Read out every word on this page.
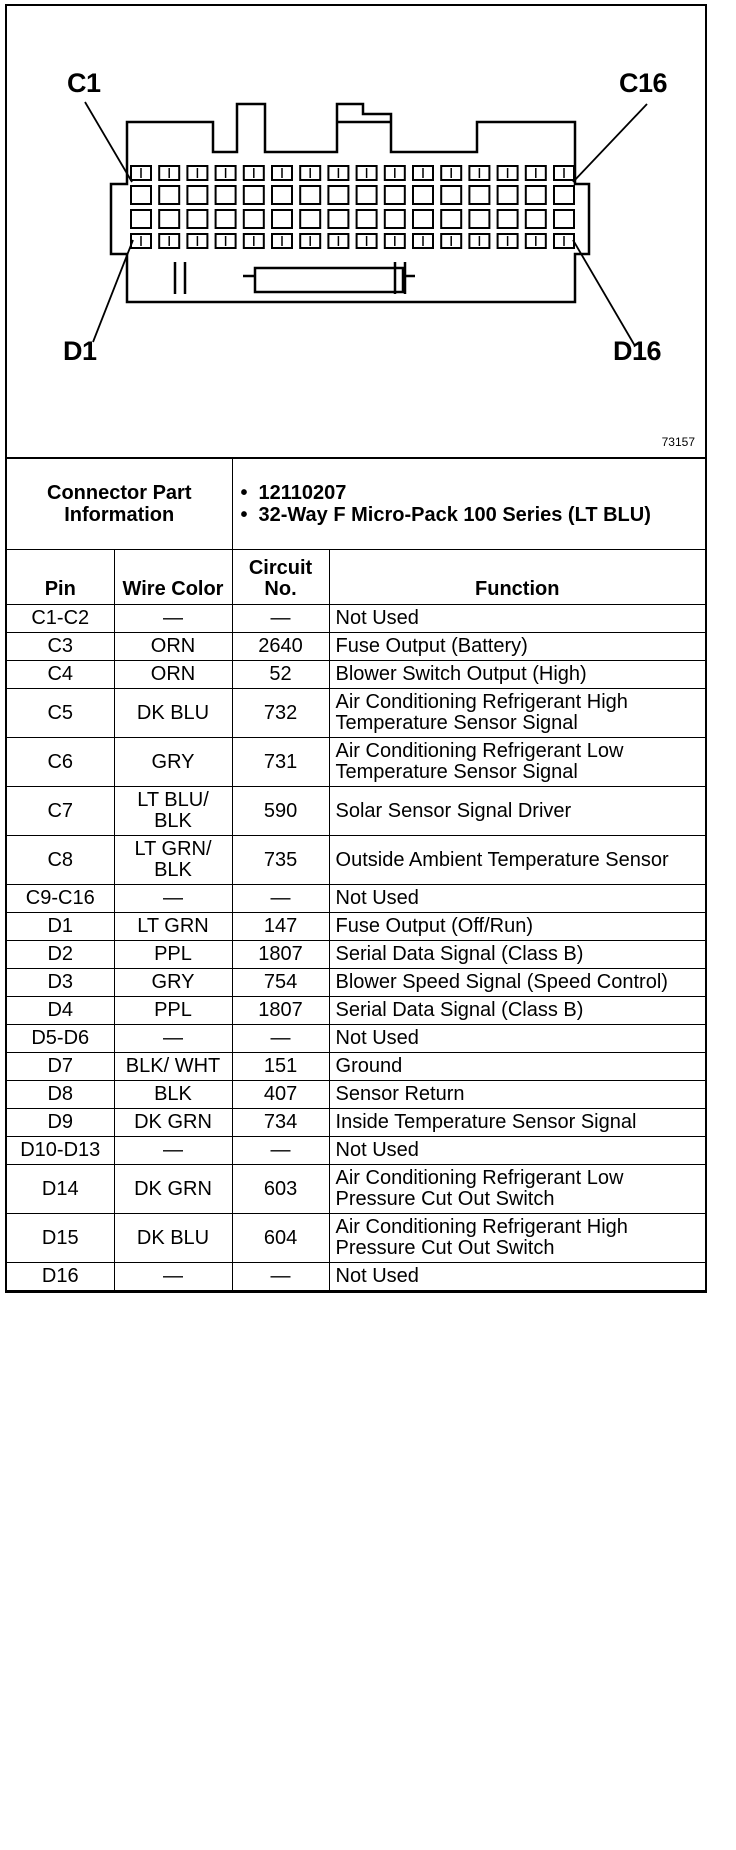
C1	C16
D1	D16
73157
Connector Part Information		• 12110207
• 32-Way F Micro-Pack 100 Series (LT BLU)

Pin	Wire Color	Circuit No.	Function
C1-C2	—	—	Not Used
C3	ORN	2640	Fuse Output (Battery)
C4	ORN	52	Blower Switch Output (High)
C5	DK BLU	732	Air Conditioning Refrigerant High Temperature Sensor Signal
C6	GRY	731	Air Conditioning Refrigerant Low Temperature Sensor Signal
C7	LT BLU/ BLK	590	Solar Sensor Signal Driver
C8	LT GRN/ BLK	735	Outside Ambient Temperature Sensor
C9-C16	—	—	Not Used
D1	LT GRN	147	Fuse Output (Off/Run)
D2	PPL	1807	Serial Data Signal (Class B)
D3	GRY	754	Blower Speed Signal (Speed Control)
D4	PPL	1807	Serial Data Signal (Class B)
D5-D6	—	—	Not Used
D7	BLK/ WHT	151	Ground
D8	BLK	407	Sensor Return
D9	DK GRN	734	Inside Temperature Sensor Signal
D10-D13	—	—	Not Used
D14	DK GRN	603	Air Conditioning Refrigerant Low Pressure Cut Out Switch
D15	DK BLU	604	Air Conditioning Refrigerant High Pressure Cut Out Switch
D16	—	—	Not Used
